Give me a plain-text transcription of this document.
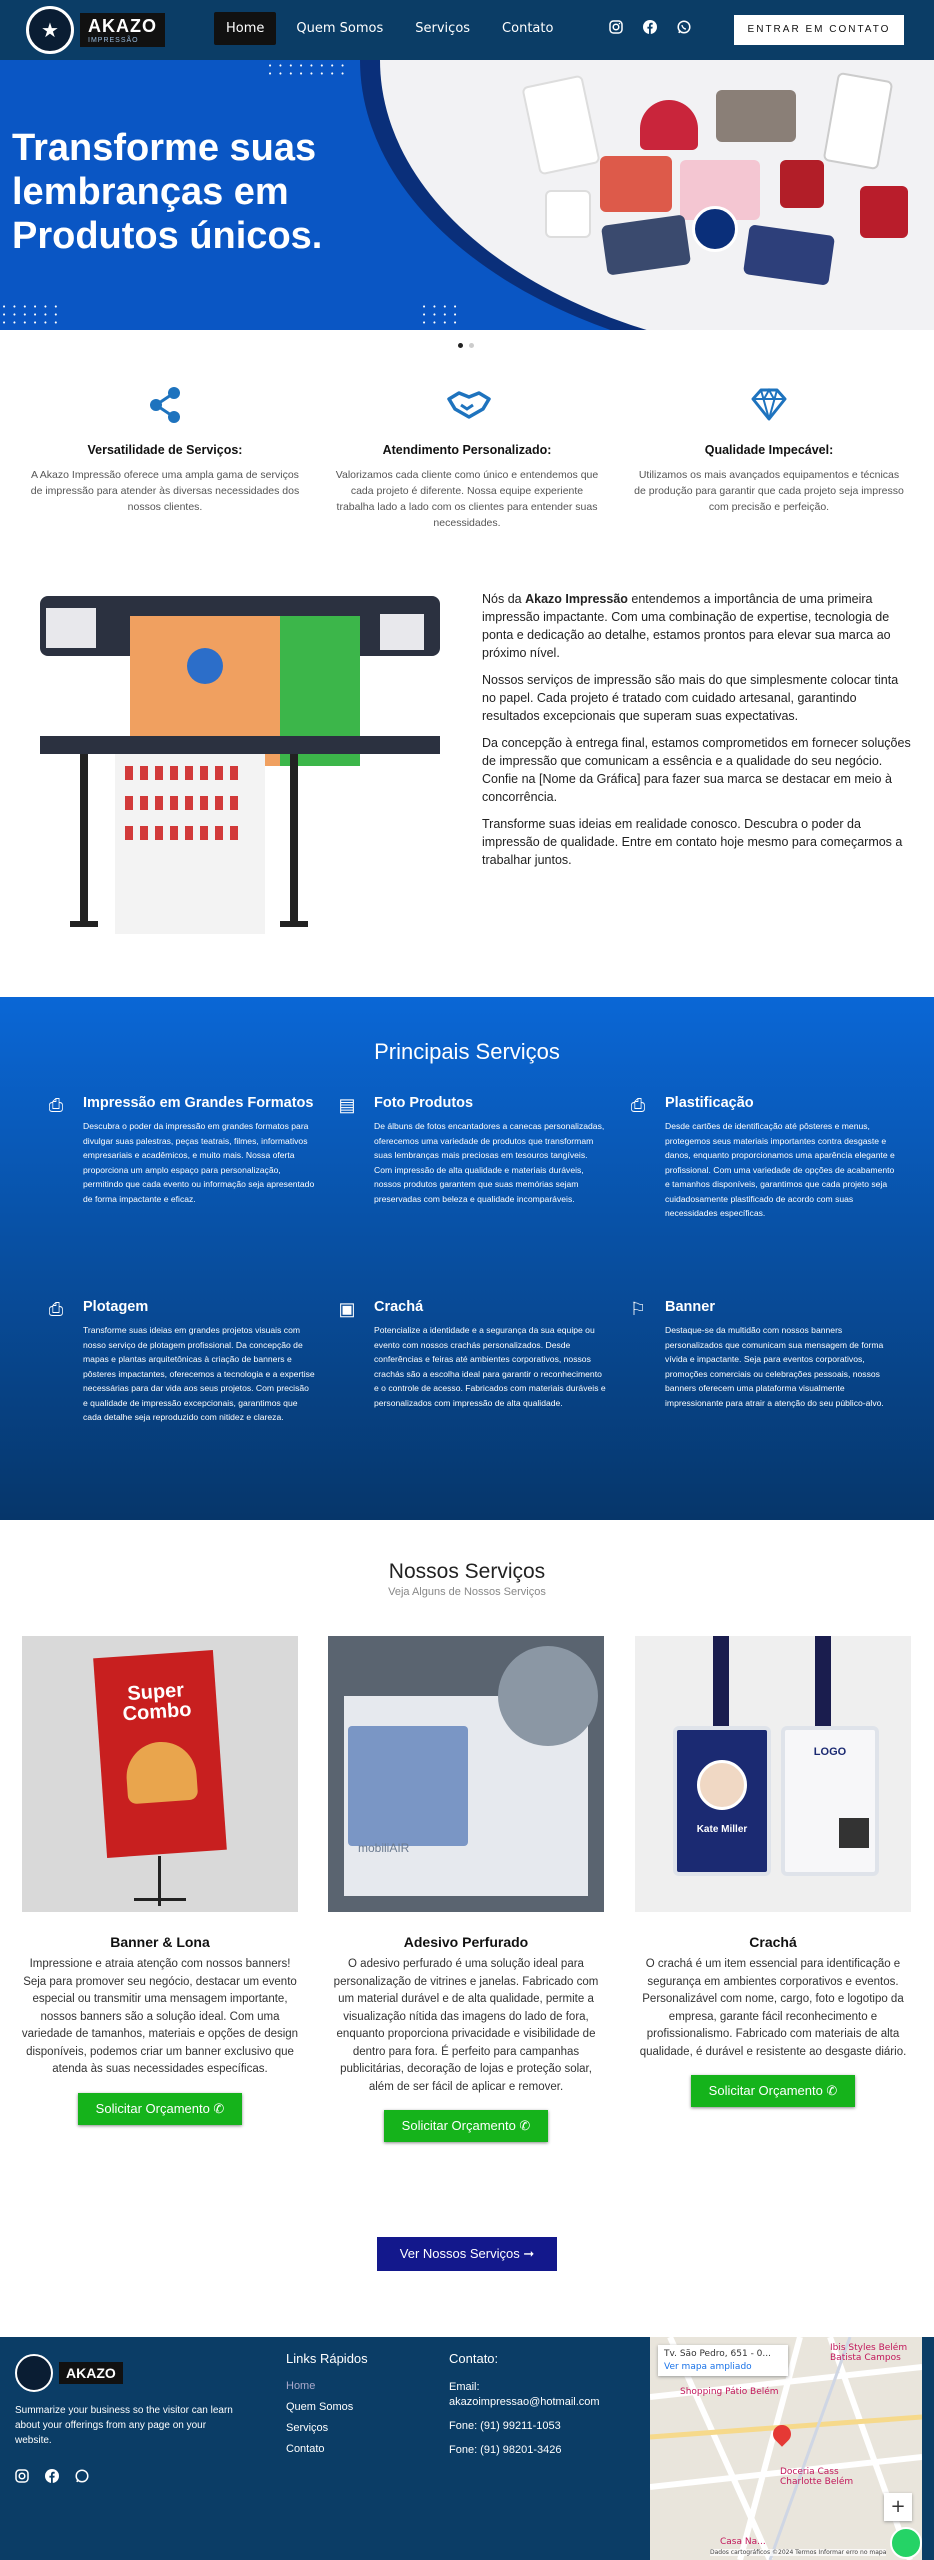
★	AKAZO
IMPRESSÃO
Home	Quem Somos	Serviços	Contato	ENTRAR EM CONTATO
• • • • • • • •
• • • • • • • •
• • • • • •
• • • • • •
• • • • • •
• • • •
• • • •
• • • •
Transforme suas lembranças em Produtos únicos.
Versatilidade de Serviços:

A Akazo Impressão oferece uma ampla gama de serviços de impressão para atender às diversas necessidades dos nossos clientes.

Atendimento Personalizado:

Valorizamos cada cliente como único e entendemos que cada projeto é diferente. Nossa equipe experiente trabalha lado a lado com os clientes para entender suas necessidades.

Qualidade Impecável:

Utilizamos os mais avançados equipamentos e técnicas de produção para garantir que cada projeto seja impresso com precisão e perfeição.

Nós da Akazo Impressão entendemos a importância de uma primeira impressão impactante. Com uma combinação de expertise, tecnologia de ponta e dedicação ao detalhe, estamos prontos para elevar sua marca ao próximo nível.

Nossos serviços de impressão são mais do que simplesmente colocar tinta no papel. Cada projeto é tratado com cuidado artesanal, garantindo resultados excepcionais que superam suas expectativas.

Da concepção à entrega final, estamos comprometidos em fornecer soluções de impressão que comunicam a essência e a qualidade do seu negócio. Confie na [Nome da Gráfica] para fazer sua marca se destacar em meio à concorrência.

Transforme suas ideias em realidade conosco. Descubra o poder da impressão de qualidade. Entre em contato hoje mesmo para começarmos a trabalhar juntos.

Principais Serviços
⎙ Impressão em Grandes Formatos

Descubra o poder da impressão em grandes formatos para divulgar suas palestras, peças teatrais, filmes, informativos empresariais e acadêmicos, e muito mais. Nossa oferta proporciona um amplo espaço para personalização, permitindo que cada evento ou informação seja apresentado de forma impactante e eficaz.

▤ Foto Produtos

De álbuns de fotos encantadores a canecas personalizadas, oferecemos uma variedade de produtos que transformam suas lembranças mais preciosas em tesouros tangíveis. Com impressão de alta qualidade e materiais duráveis, nossos produtos garantem que suas memórias sejam preservadas com beleza e qualidade incomparáveis.

⎙ Plastificação

Desde cartões de identificação até pôsteres e menus, protegemos seus materiais importantes contra desgaste e danos, enquanto proporcionamos uma aparência elegante e profissional. Com uma variedade de opções de acabamento e tamanhos disponíveis, garantimos que cada projeto seja cuidadosamente plastificado de acordo com suas necessidades específicas.

⎙ Plotagem

Transforme suas ideias em grandes projetos visuais com nosso serviço de plotagem profissional. Da concepção de mapas e plantas arquitetônicas à criação de banners e pôsteres impactantes, oferecemos a tecnologia e a expertise necessárias para dar vida aos seus projetos. Com precisão e qualidade de impressão excepcionais, garantimos que cada detalhe seja reproduzido com nitidez e clareza.

▣ Crachá

Potencialize a identidade e a segurança da sua equipe ou evento com nossos crachás personalizados. Desde conferências e feiras até ambientes corporativos, nossos crachás são a escolha ideal para garantir o reconhecimento e o controle de acesso. Fabricados com materiais duráveis e personalizados com impressão de alta qualidade.

⚐ Banner

Destaque-se da multidão com nossos banners personalizados que comunicam sua mensagem de forma vívida e impactante. Seja para eventos corporativos, promoções comerciais ou celebrações pessoais, nossos banners oferecem uma plataforma visualmente impressionante para atrair a atenção do seu público-alvo.

Nossos Serviços
Veja Alguns de Nossos Serviços
Super
Combo
Banner & Lona

Impressione e atraia atenção com nossos banners! Seja para promover seu negócio, destacar um evento especial ou transmitir uma mensagem importante, nossos banners são a solução ideal. Com uma variedade de tamanhos, materiais e opções de design disponíveis, podemos criar um banner exclusivo que atenda às suas necessidades específicas.

Solicitar Orçamento ✆
mobiliAIR
Adesivo Perfurado

O adesivo perfurado é uma solução ideal para personalização de vitrines e janelas. Fabricado com um material durável e de alta qualidade, permite a visualização nítida das imagens do lado de fora, enquanto proporciona privacidade e visibilidade de dentro para fora. É perfeito para campanhas publicitárias, decoração de lojas e proteção solar, além de ser fácil de aplicar e remover.

Solicitar Orçamento ✆
Kate Miller
LOGO
Crachá

O crachá é um item essencial para identificação e segurança em ambientes corporativos e eventos. Personalizável com nome, cargo, foto e logotipo da empresa, garante fácil reconhecimento e profissionalismo. Fabricado com materiais de alta qualidade, é durável e resistente ao desgaste diário.

Solicitar Orçamento ✆
Ver Nossos Serviços ➞
AKAZO
Summarize your business so the visitor can learn about your offerings from any page on your website.
Links Rápidos
Home
Quem Somos
Serviços
Contato
Contato:
Email:
akazoimpressao@hotmail.com
Fone: (91) 99211-1053
Fone: (91) 98201-3426
Tv. São Pedro, 651 - 0...
Ver mapa ampliado
Ibis Styles Belém Batista Campos
Shopping Pátio Belém
Doceria Cass Charlotte Belém
Casa Na...
+
Dados cartográficos ©2024 Termos Informar erro no mapa
